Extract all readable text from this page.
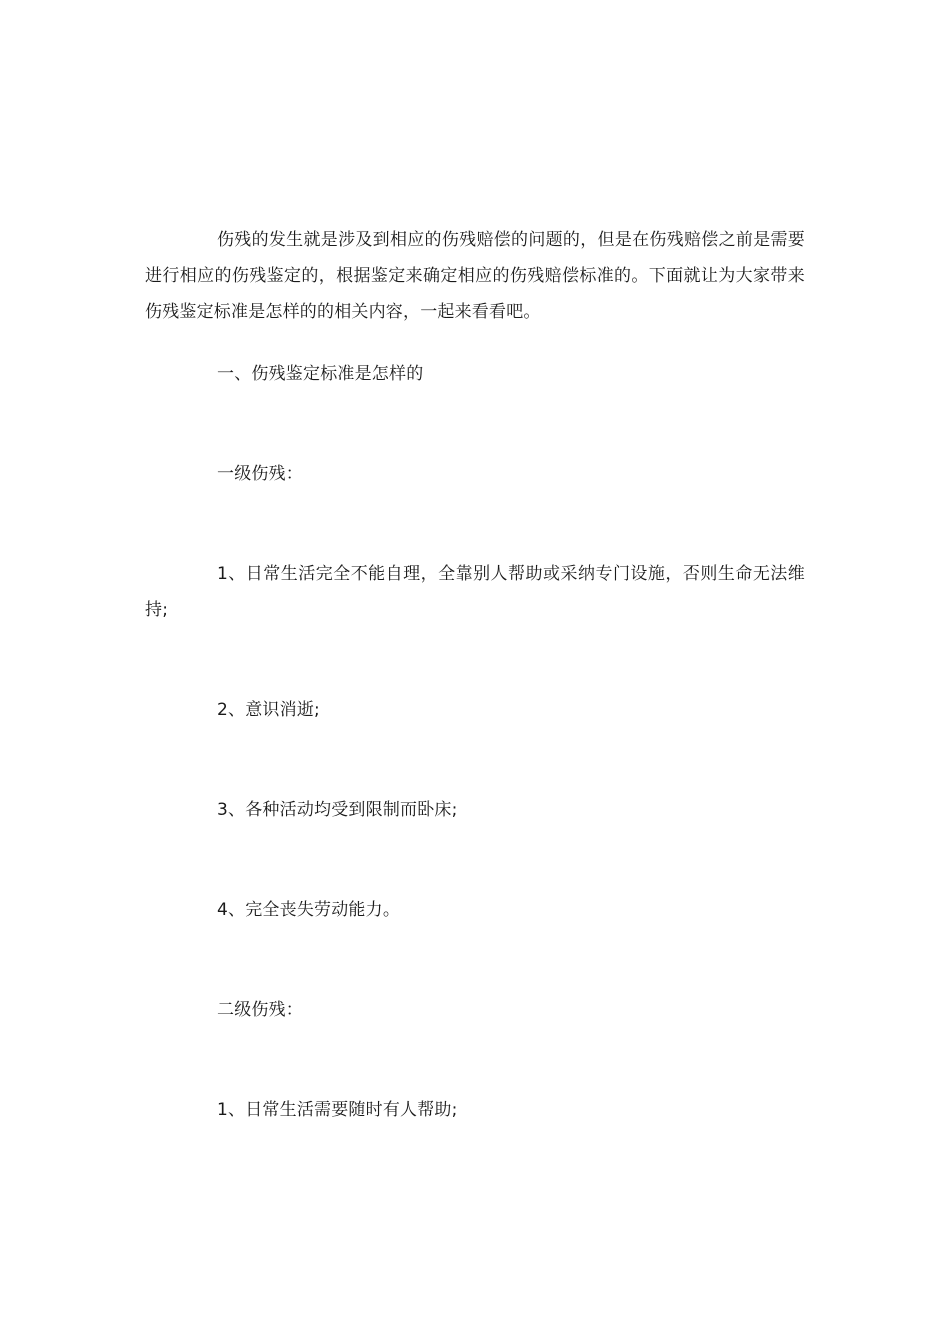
伤残的发生就是涉及到相应的伤残赔偿的问题的，但是在伤残赔偿之前是需要进行相应的伤残鉴定的，根据鉴定来确定相应的伤残赔偿标准的。下面就让为大家带来伤残鉴定标准是怎样的的相关内容，一起来看看吧。

一、伤残鉴定标准是怎样的

一级伤残：

1、日常生活完全不能自理，全靠别人帮助或采纳专门设施，否则生命无法维持;

2、意识消逝;

3、各种活动均受到限制而卧床;

4、完全丧失劳动能力。

二级伤残：

1、日常生活需要随时有人帮助;
